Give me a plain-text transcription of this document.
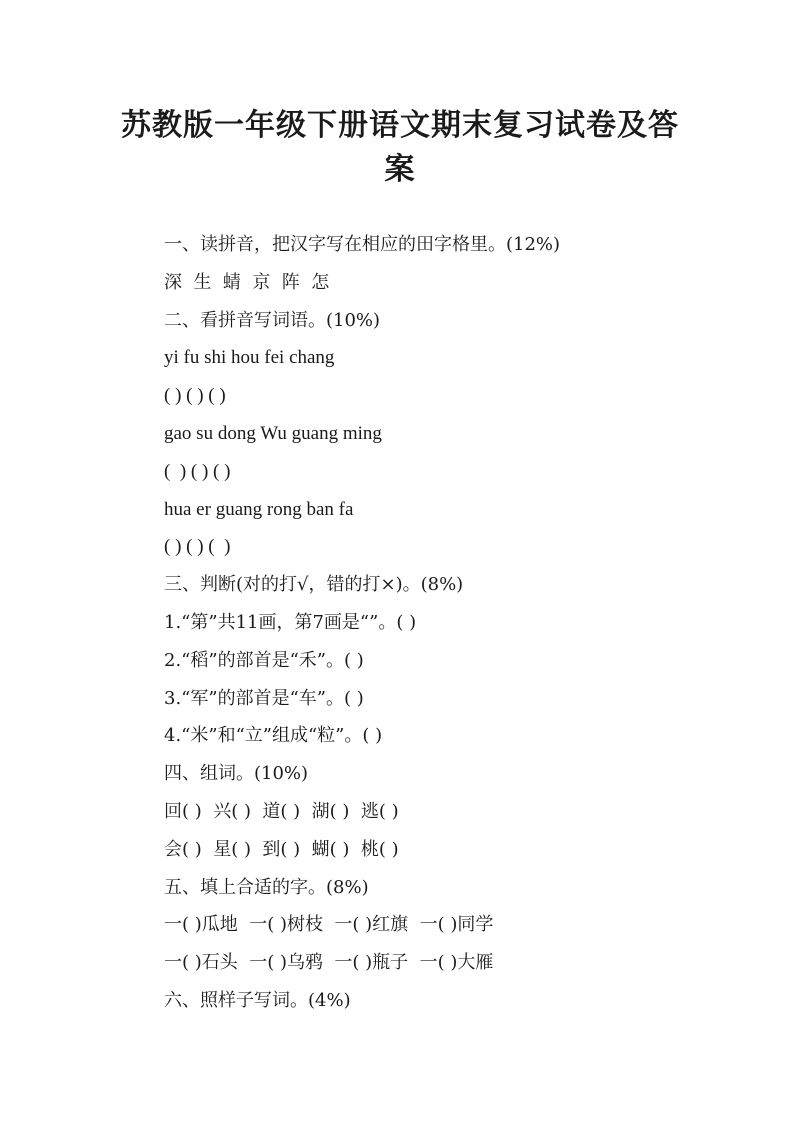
苏教版一年级下册语文期末复习试卷及答
案
一、读拼音，把汉字写在相应的田字格里。(12%)
深  生  蜻  京  阵  怎
二、看拼音写词语。(10%)
yi fu shi hou fei chang
( ) ( ) ( )
gao su dong Wu guang ming
(  ) ( ) ( )
hua er guang rong ban fa
( ) ( ) (  )
三、判断(对的打√，错的打×)。(8%)
1.“第”共11画，第7画是“”。( )
2.“稻”的部首是“禾”。( )
3.“军”的部首是“车”。( )
4.“米”和“立”组成“粒”。( )
四、组词。(10%)
回( )  兴( )  道( )  湖( )  逃( )
会( )  星( )  到( )  蝴( )  桃( )
五、填上合适的字。(8%)
一( )瓜地  一( )树枝  一( )红旗  一( )同学
一( )石头  一( )乌鸦  一( )瓶子  一( )大雁
六、照样子写词。(4%)
